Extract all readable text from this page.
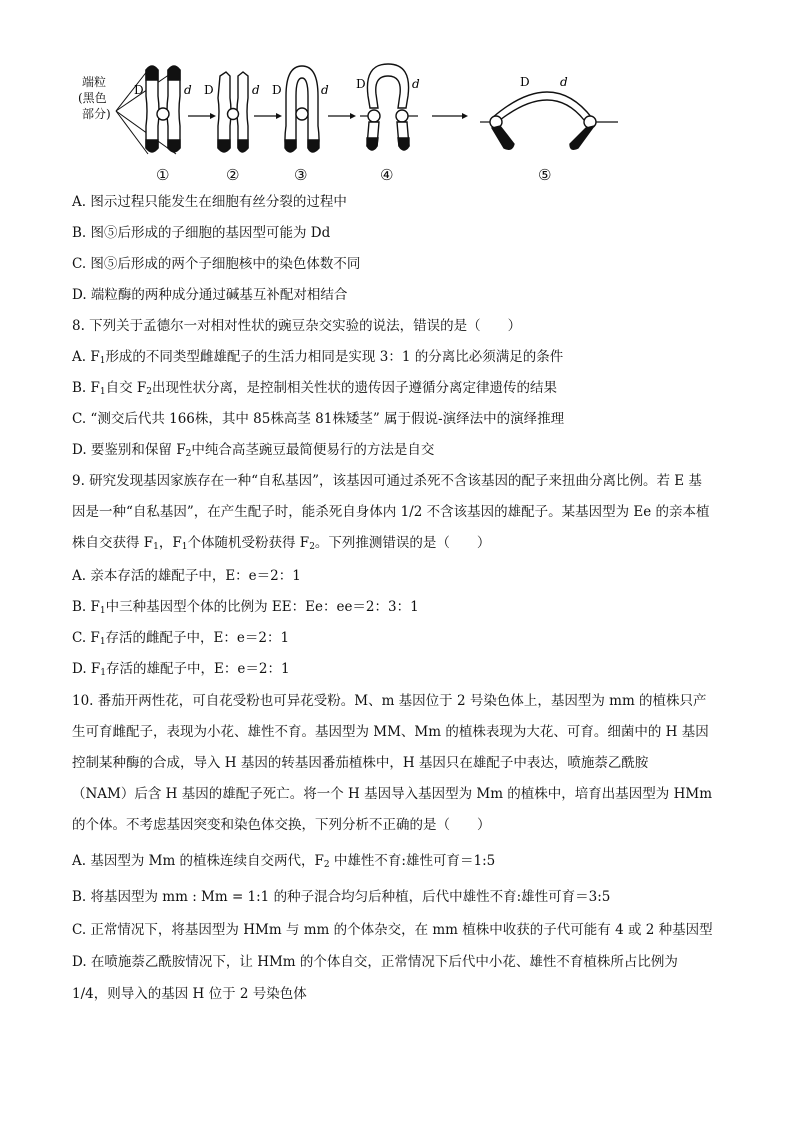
端粒
(黑色
部分)
D	d D	d D	d D	d	D	d
①	②	③	④	⑤
A. 图示过程只能发生在细胞有丝分裂的过程中
B. 图⑤后形成的子细胞的基因型可能为 Dd
C. 图⑤后形成的两个子细胞核中的染色体数不同
D. 端粒酶的两种成分通过碱基互补配对相结合
8. 下列关于孟德尔一对相对性状的豌豆杂交实验的说法，错误的是（　　）
A. $F_1$形成的不同类型雌雄配子的生活力相同是实现 3：1 的分离比必须满足的条件
B. $F_1$自交 $F_2$出现性状分离，是控制相关性状的遗传因子遵循分离定律遗传的结果
C. “测交后代共 166株，其中 85株高茎 81株矮茎” 属于假说-演绎法中的演绎推理
D. 要鉴别和保留 $F_2$中纯合高茎豌豆最简便易行的方法是自交
9. 研究发现基因家族存在一种“自私基因”，该基因可通过杀死不含该基因的配子来扭曲分离比例。若 E 基
因是一种“自私基因”，在产生配子时，能杀死自身体内 1/2 不含该基因的雄配子。某基因型为 Ee 的亲本植
株自交获得 $F_1$，$F_1$个体随机受粉获得 $F_2$。下列推测错误的是（　　）
A. 亲本存活的雄配子中，E：e＝2：1
B. $F_1$中三种基因型个体的比例为 EE：Ee：ee＝2：3：1
C. $F_1$存活的雌配子中，E：e＝2：1
D. $F_1$存活的雄配子中，E：e＝2：1
10. 番茄开两性花，可自花受粉也可异花受粉。M、m 基因位于 2 号染色体上，基因型为 mm 的植株只产
生可育雌配子，表现为小花、雄性不育。基因型为 MM、Mm 的植株表现为大花、可育。细菌中的 H 基因
控制某种酶的合成，导入 H 基因的转基因番茄植株中，H 基因只在雄配子中表达，喷施萘乙酰胺
（NAM）后含 H 基因的雄配子死亡。将一个 H 基因导入基因型为 Mm 的植株中，培育出基因型为 HMm
的个体。不考虑基因突变和染色体交换，下列分析不正确的是（　　）
A. 基因型为 Mm 的植株连续自交两代，$F_2$ 中雄性不育:雄性可育＝1:5
B. 将基因型为 mm : Mm = 1:1 的种子混合均匀后种植，后代中雄性不育:雄性可育＝3:5
C. 正常情况下，将基因型为 HMm 与 mm 的个体杂交，在 mm 植株中收获的子代可能有 4 或 2 种基因型
D. 在喷施萘乙酰胺情况下，让 HMm 的个体自交，正常情况下后代中小花、雄性不育植株所占比例为
1/4，则导入的基因 H 位于 2 号染色体
